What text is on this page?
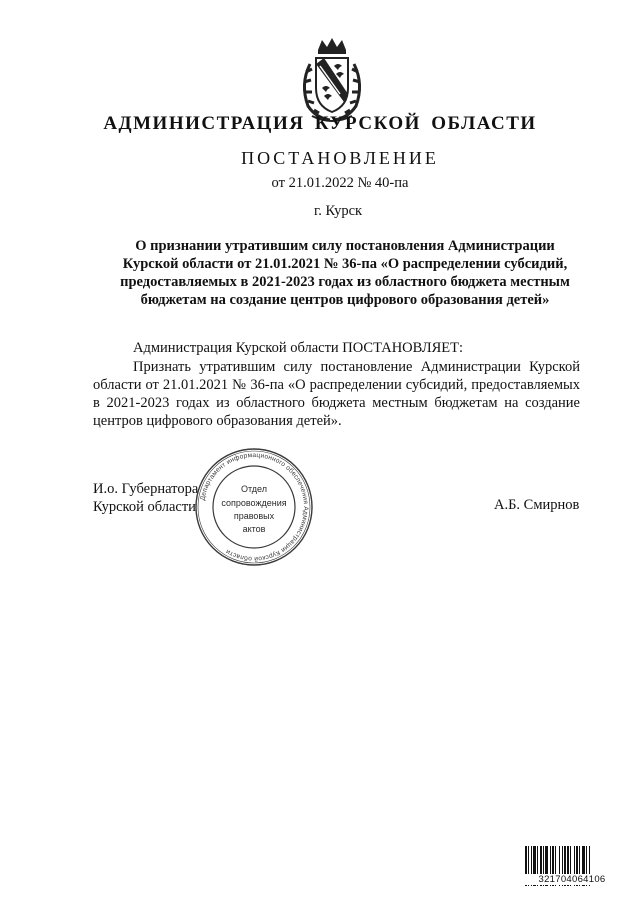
АДМИНИСТРАЦИЯ КУРСКОЙ ОБЛАСТИ
ПОСТАНОВЛЕНИЕ
от 21.01.2022 № 40-па
г. Курск
О признании утратившим силу постановления Администрации
Курской области от 21.01.2021 № 36-па «О распределении субсидий,
предоставляемых в 2021-2023 годах из областного бюджета местным
бюджетам на создание центров цифрового образования детей»
Администрация Курской области ПОСТАНОВЛЯЕТ:
Признать утратившим силу постановление Администрации Курской области от 21.01.2021 № 36-па «О распределении субсидий, предоставляемых в 2021-2023 годах из областного бюджета местным бюджетам на создание центров цифрового образования детей».
И.о. Губернатора
Курской области	А.Б. Смирнов
Департамент информационного обеспечения Администрации Курской области
Отдел
сопровождения
правовых
актов
321704064106
